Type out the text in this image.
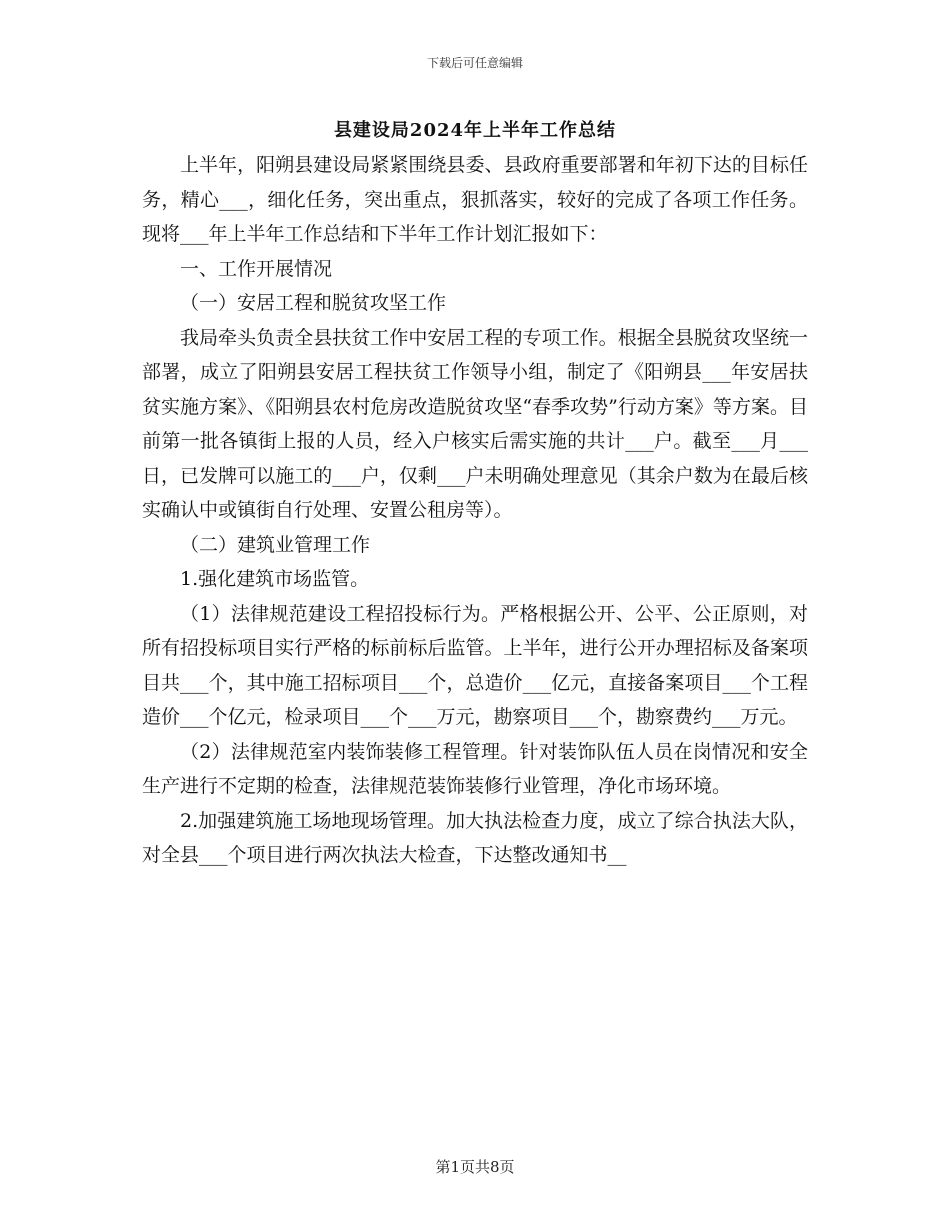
下载后可任意编辑
县建设局2024年上半年工作总结

上半年，阳朔县建设局紧紧围绕县委、县政府重要部署和年初下达的目标任务，精心___，细化任务，突出重点，狠抓落实，较好的完成了各项工作任务。现将___年上半年工作总结和下半年工作计划汇报如下：

一、工作开展情况

（一）安居工程和脱贫攻坚工作

我局牵头负责全县扶贫工作中安居工程的专项工作。根据全县脱贫攻坚统一部署，成立了阳朔县安居工程扶贫工作领导小组，制定了《阳朔县___年安居扶贫实施方案》、《阳朔县农村危房改造脱贫攻坚“春季攻势”行动方案》等方案。目前第一批各镇街上报的人员，经入户核实后需实施的共计___户。截至___月___日，已发牌可以施工的___户，仅剩___户未明确处理意见（其余户数为在最后核实确认中或镇街自行处理、安置公租房等）。

（二）建筑业管理工作

1.强化建筑市场监管。

（1）法律规范建设工程招投标行为。严格根据公开、公平、公正原则，对所有招投标项目实行严格的标前标后监管。上半年，进行公开办理招标及备案项目共___个，其中施工招标项目___个，总造价___亿元，直接备案项目___个工程造价___个亿元，检录项目___个___万元，勘察项目___个，勘察费约___万元。

（2）法律规范室内装饰装修工程管理。针对装饰队伍人员在岗情况和安全生产进行不定期的检查，法律规范装饰装修行业管理，净化市场环境。

2.加强建筑施工场地现场管理。加大执法检查力度，成立了综合执法大队，对全县___个项目进行两次执法大检查，下达整改通知书__

第1页共8页
